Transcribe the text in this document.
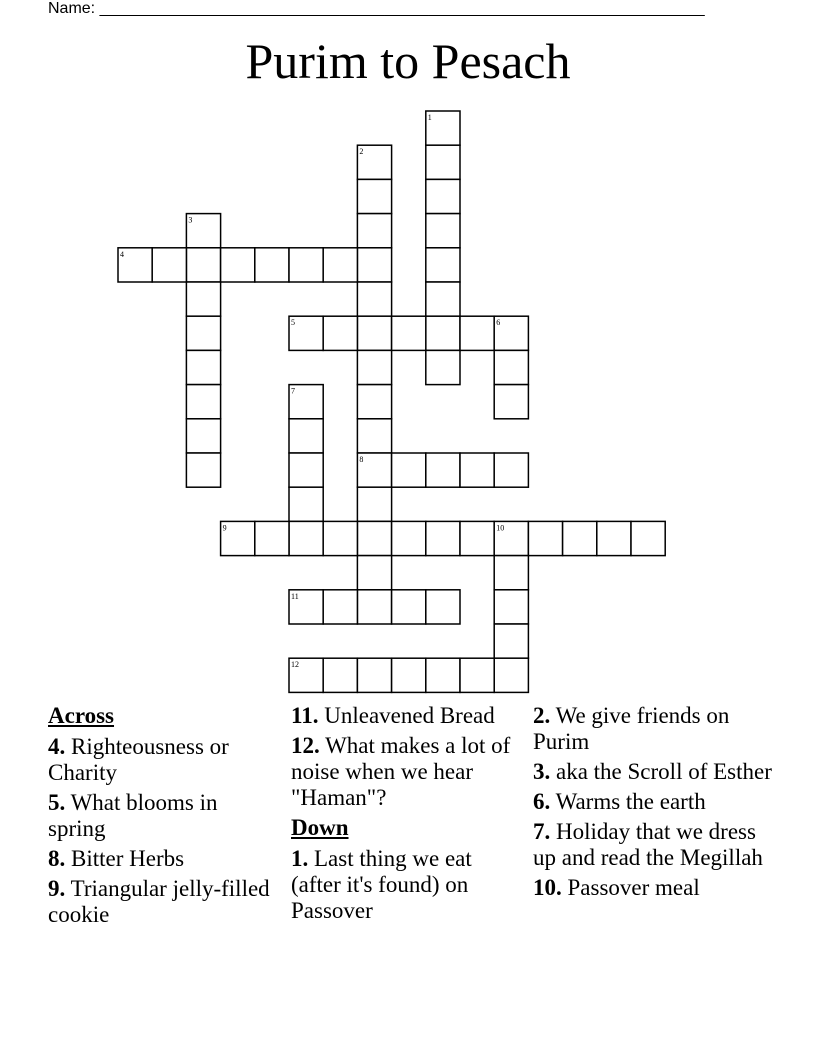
Name: ____________________________________________________________________
Purim to Pesach
1
2
8
3
4
5	6
7
9	10
11
12
Across
4. Righteousness or Charity
5. What blooms in spring
8. Bitter Herbs
9. Triangular jelly-filled cookie
11. Unleavened Bread
12. What makes a lot of noise when we hear "Haman"?
Down
1. Last thing we eat (after it's found) on Passover
2. We give friends on Purim
3. aka the Scroll of Esther
6. Warms the earth
7. Holiday that we dress up and read the Megillah
10. Passover meal
